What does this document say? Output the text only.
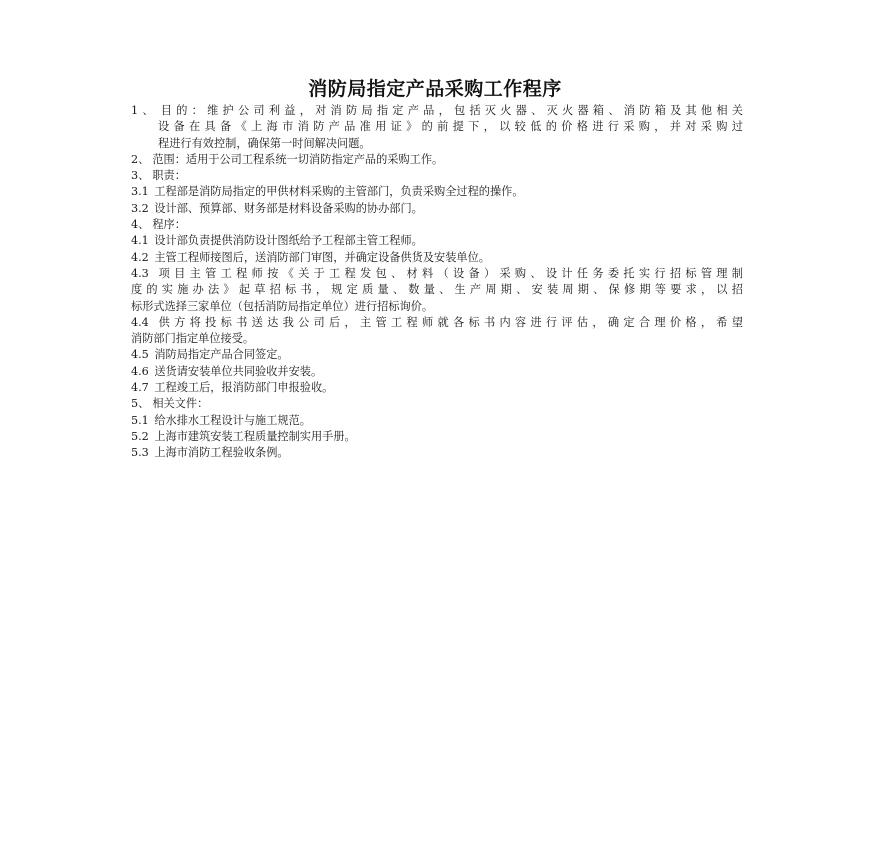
消防局指定产品采购工作程序
1、 目的：维护公司利益，对消防局指定产品，包括灭火器、灭火器箱、消防箱及其他相关
设备在具备《上海市消防产品准用证》的前提下，以较低的价格进行采购，并对采购过
程进行有效控制，确保第一时间解决问题。
2、 范围：适用于公司工程系统一切消防指定产品的采购工作。
3、 职责：
3.1 工程部是消防局指定的甲供材料采购的主管部门，负责采购全过程的操作。
3.2 设计部、预算部、财务部是材料设备采购的协办部门。
4、 程序：
4.1 设计部负责提供消防设计图纸给予工程部主管工程师。
4.2 主管工程师接图后，送消防部门审图，并确定设备供货及安装单位。
4.3 项目主管工程师按《关于工程发包、材料（设备）采购、设计任务委托实行招标管理制
度的实施办法》起草招标书，规定质量、数量、生产周期、安装周期、保修期等要求，以招
标形式选择三家单位（包括消防局指定单位）进行招标询价。
4.4 供方将投标书送达我公司后，主管工程师就各标书内容进行评估，确定合理价格，希望
消防部门指定单位接受。
4.5 消防局指定产品合同签定。
4.6 送货请安装单位共同验收并安装。
4.7 工程竣工后，报消防部门申报验收。
5、 相关文件：
5.1 给水排水工程设计与施工规范。
5.2 上海市建筑安装工程质量控制实用手册。
5.3 上海市消防工程验收条例。
